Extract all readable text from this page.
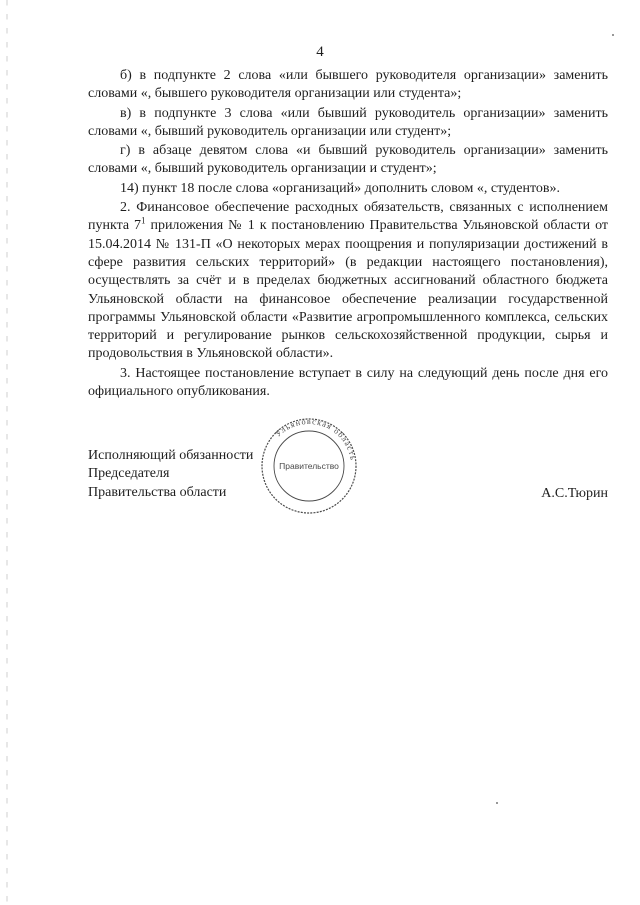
4

б) в подпункте 2 слова «или бывшего руководителя организации» заменить словами «, бывшего руководителя организации или студента»;

в) в подпункте 3 слова «или бывший руководитель организации» заменить словами «, бывший руководитель организации или студент»;

г) в абзаце девятом слова «и бывший руководитель организации» заменить словами «, бывший руководитель организации и студент»;

14) пункт 18 после слова «организаций» дополнить словом «, студентов».

2. Финансовое обеспечение расходных обязательств, связанных с исполнением пункта $7^1$ приложения № 1 к постановлению Правительства Ульяновской области от 15.04.2014 № 131-П «О некоторых мерах поощрения и популяризации достижений в сфере развития сельских территорий» (в редакции настоящего постановления), осуществлять за счёт и в пределах бюджетных ассигнований областного бюджета Ульяновской области на финансовое обеспечение реализации государственной программы Ульяновской области «Развитие агропромышленного комплекса, сельских территорий и регулирование рынков сельскохозяйственной продукции, сырья и продовольствия в Ульяновской области».

3. Настоящее постановление вступает в силу на следующий день после дня его официального опубликования.

Исполняющий обязанности
Председателя
Правительства области	А.С.Тюрин
Ульяновская область
Правительство
